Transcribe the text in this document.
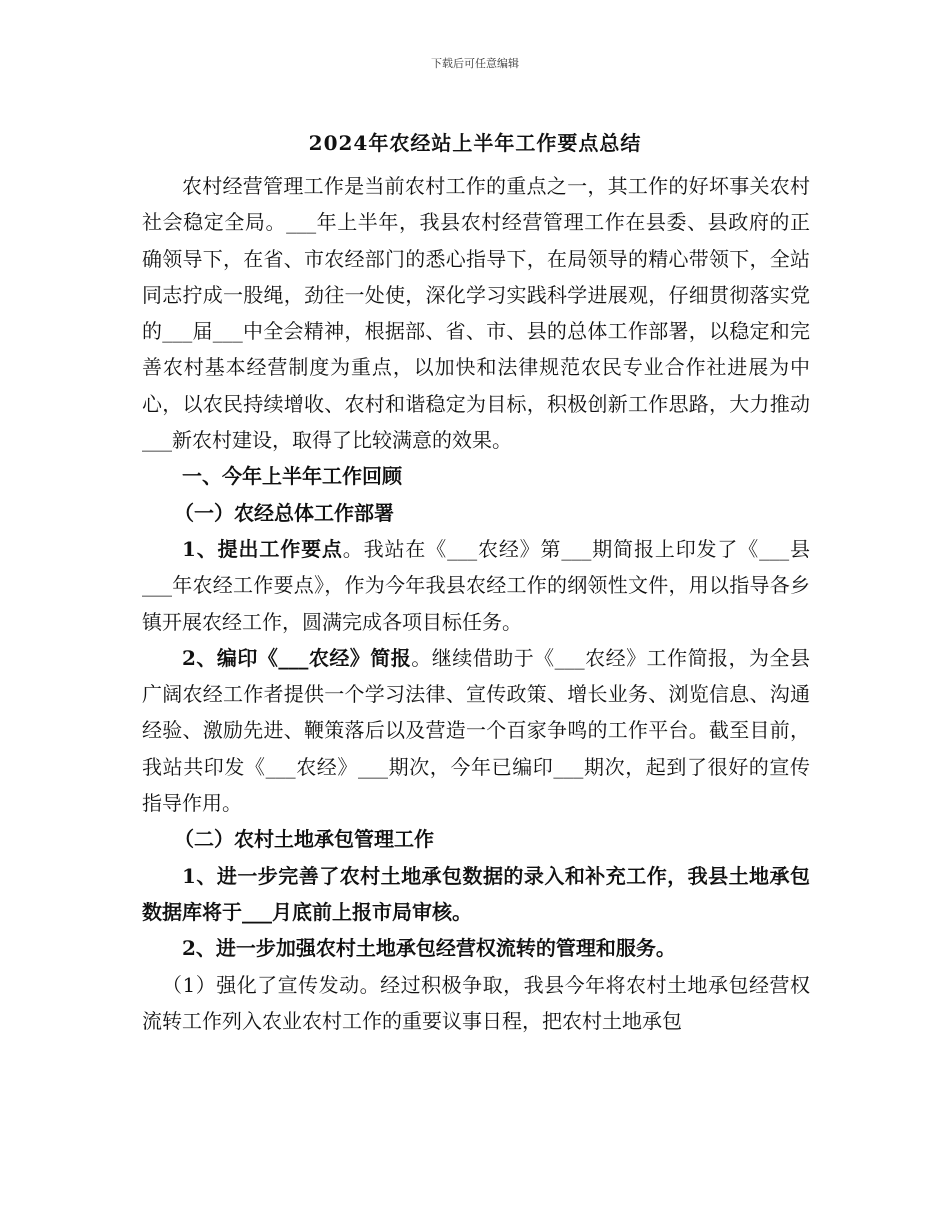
下载后可任意编辑
2024年农经站上半年工作要点总结

农村经营管理工作是当前农村工作的重点之一，其工作的好坏事关农村社会稳定全局。___年上半年，我县农村经营管理工作在县委、县政府的正确领导下，在省、市农经部门的悉心指导下，在局领导的精心带领下，全站同志拧成一股绳，劲往一处使，深化学习实践科学进展观，仔细贯彻落实党的___届___中全会精神，根据部、省、市、县的总体工作部署，以稳定和完善农村基本经营制度为重点，以加快和法律规范农民专业合作社进展为中心，以农民持续增收、农村和谐稳定为目标，积极创新工作思路，大力推动___新农村建设，取得了比较满意的效果。

一、今年上半年工作回顾

（一）农经总体工作部署

1、提出工作要点。我站在《___农经》第___期简报上印发了《___县___年农经工作要点》，作为今年我县农经工作的纲领性文件，用以指导各乡镇开展农经工作，圆满完成各项目标任务。

2、编印《___农经》简报。继续借助于《___农经》工作简报，为全县广阔农经工作者提供一个学习法律、宣传政策、增长业务、浏览信息、沟通经验、激励先进、鞭策落后以及营造一个百家争鸣的工作平台。截至目前，我站共印发《___农经》___期次，今年已编印___期次，起到了很好的宣传指导作用。

（二）农村土地承包管理工作

1、进一步完善了农村土地承包数据的录入和补充工作，我县土地承包数据库将于___月底前上报市局审核。

2、进一步加强农村土地承包经营权流转的管理和服务。

（1）强化了宣传发动。经过积极争取，我县今年将农村土地承包经营权流转工作列入农业农村工作的重要议事日程，把农村土地承包
